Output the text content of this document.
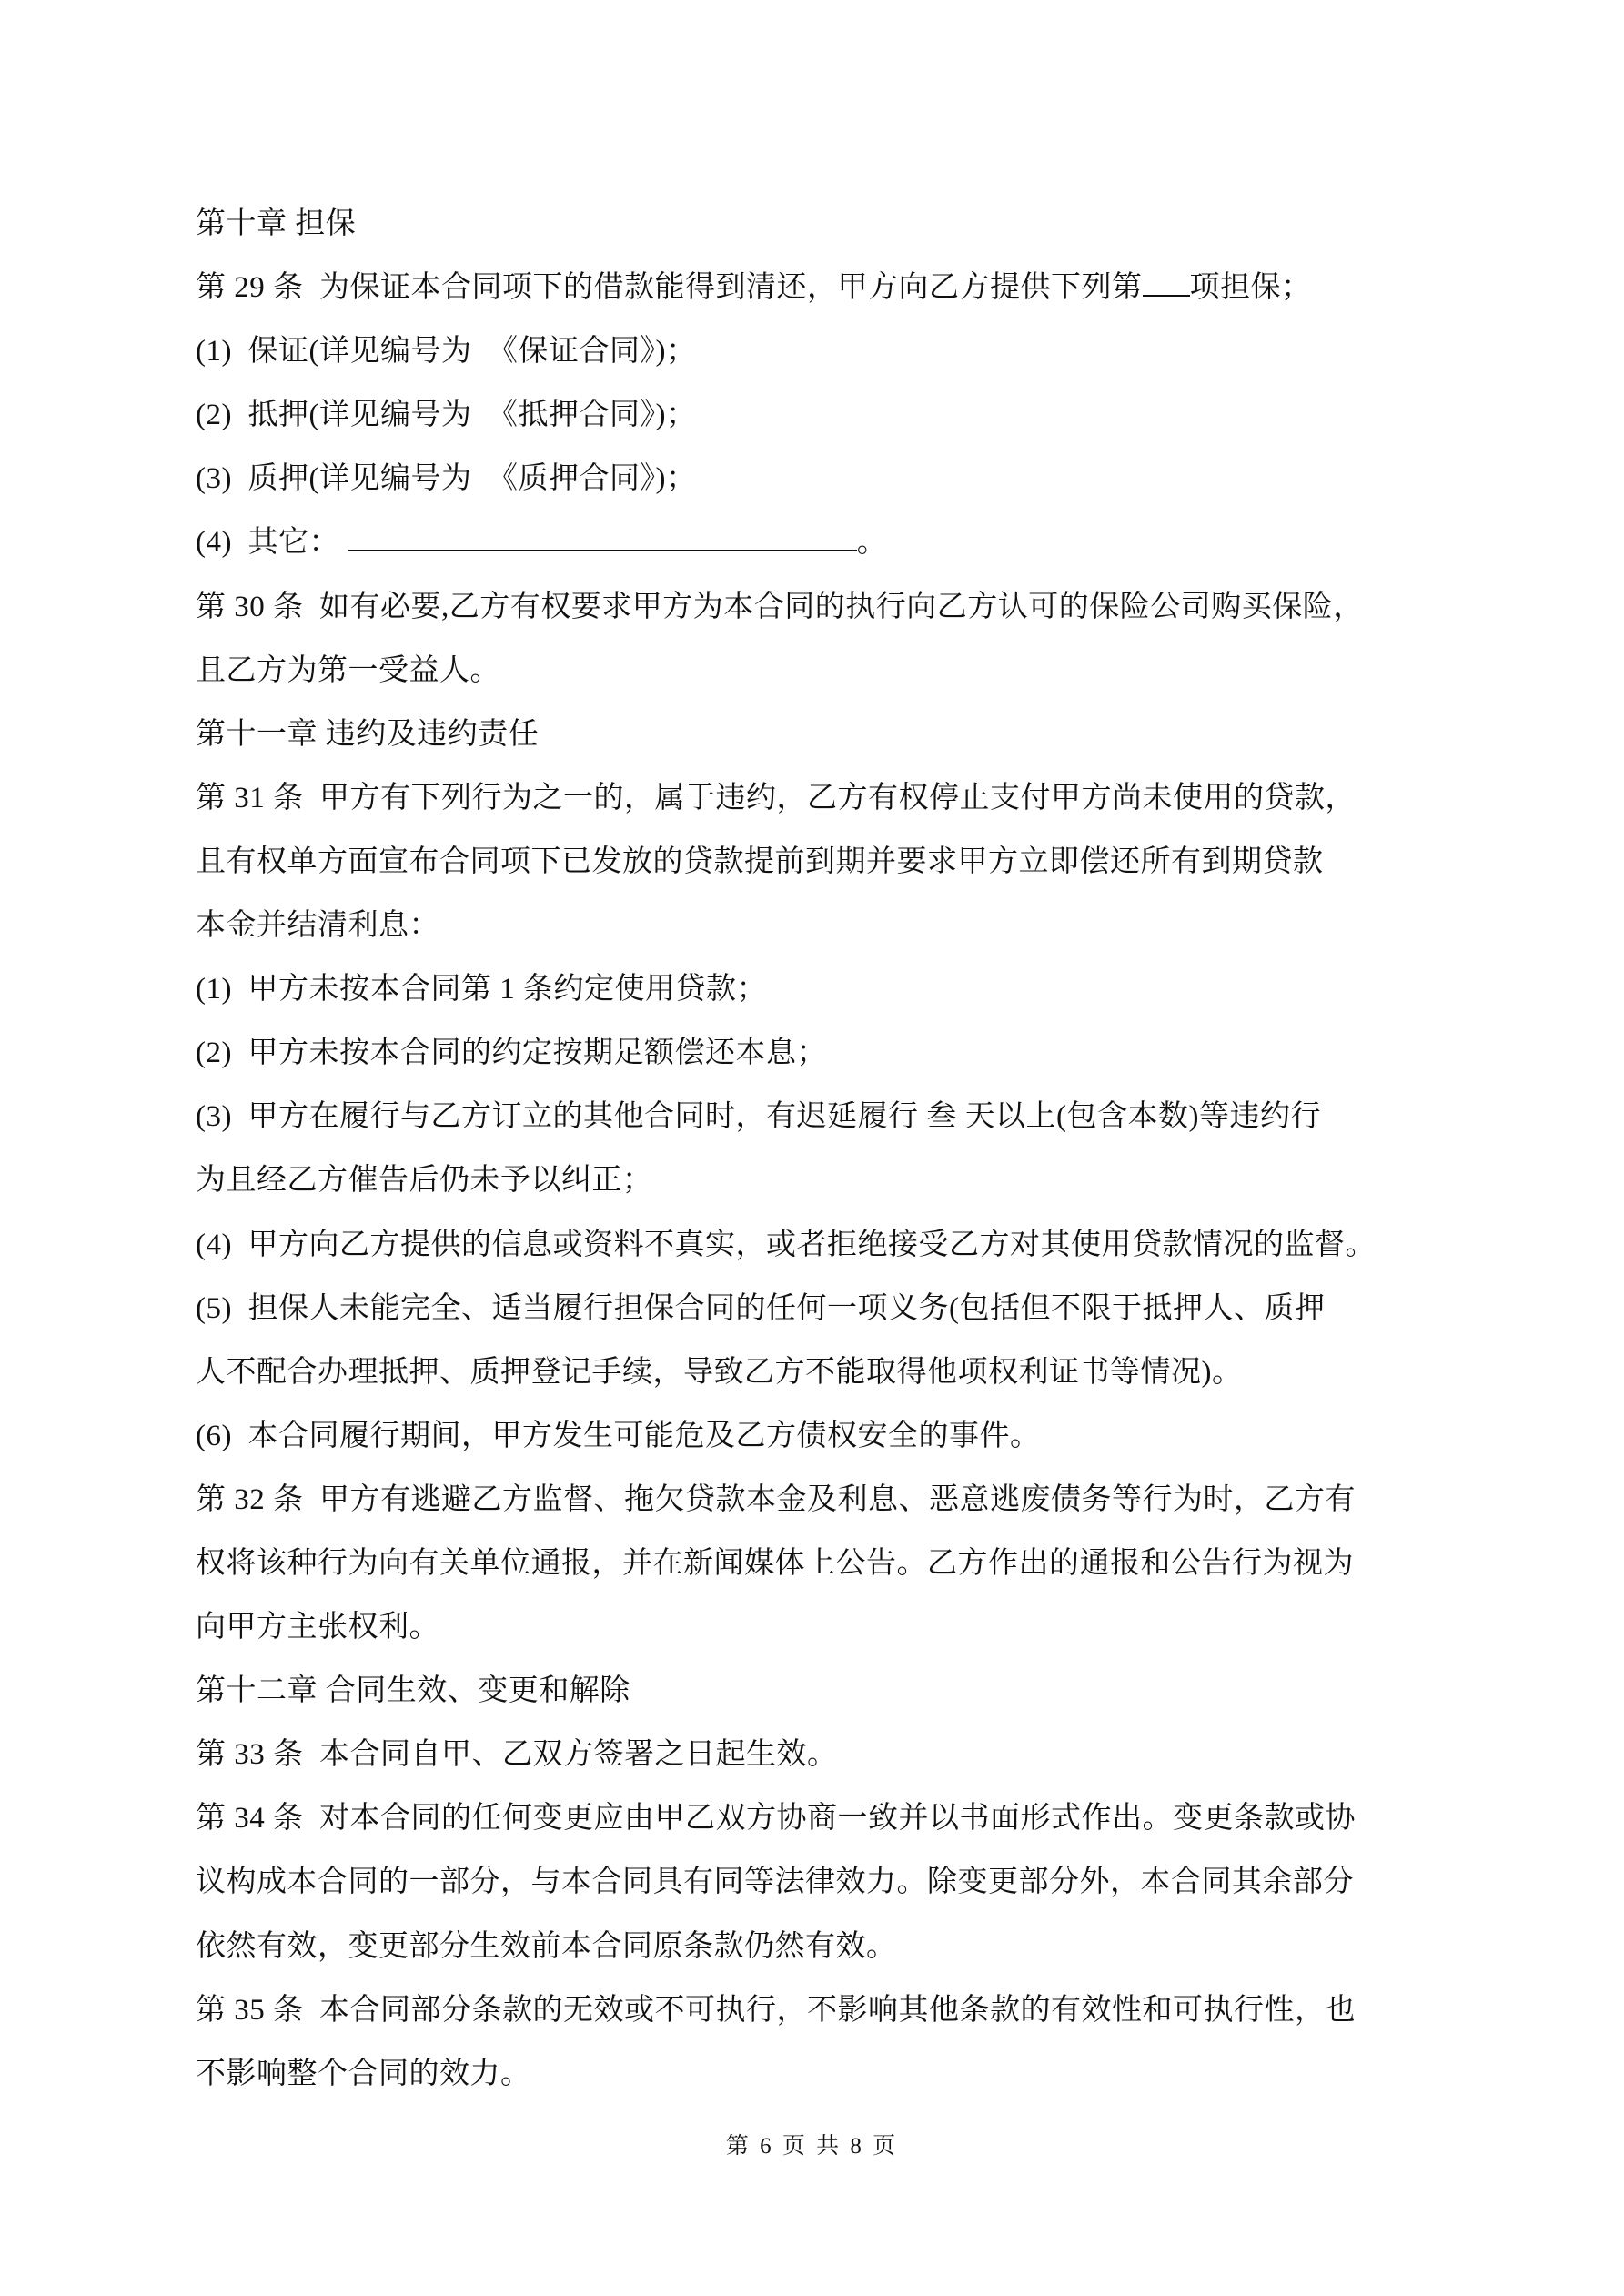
第十章 担保
第 29 条  为保证本合同项下的借款能得到清还，甲方向乙方提供下列第 项担保；
(1)  保证(详见编号为  《保证合同》)；
(2)  抵押(详见编号为  《抵押合同》)；
(3)  质押(详见编号为  《质押合同》)；
(4)  其它：	。
第 30 条  如有必要,乙方有权要求甲方为本合同的执行向乙方认可的保险公司购买保险，
且乙方为第一受益人。
第十一章 违约及违约责任
第 31 条  甲方有下列行为之一的，属于违约，乙方有权停止支付甲方尚未使用的贷款，
且有权单方面宣布合同项下已发放的贷款提前到期并要求甲方立即偿还所有到期贷款
本金并结清利息：
(1)  甲方未按本合同第 1 条约定使用贷款；
(2)  甲方未按本合同的约定按期足额偿还本息；
(3)  甲方在履行与乙方订立的其他合同时，有迟延履行 叁 天以上(包含本数)等违约行
为且经乙方催告后仍未予以纠正；
(4)  甲方向乙方提供的信息或资料不真实，或者拒绝接受乙方对其使用贷款情况的监督。
(5)  担保人未能完全、适当履行担保合同的任何一项义务(包括但不限于抵押人、质押
人不配合办理抵押、质押登记手续，导致乙方不能取得他项权利证书等情况)。
(6)  本合同履行期间，甲方发生可能危及乙方债权安全的事件。
第 32 条  甲方有逃避乙方监督、拖欠贷款本金及利息、恶意逃废债务等行为时，乙方有
权将该种行为向有关单位通报，并在新闻媒体上公告。乙方作出的通报和公告行为视为
向甲方主张权利。
第十二章 合同生效、变更和解除
第 33 条  本合同自甲、乙双方签署之日起生效。
第 34 条  对本合同的任何变更应由甲乙双方协商一致并以书面形式作出。变更条款或协
议构成本合同的一部分，与本合同具有同等法律效力。除变更部分外，本合同其余部分
依然有效，变更部分生效前本合同原条款仍然有效。
第 35 条  本合同部分条款的无效或不可执行，不影响其他条款的有效性和可执行性，也
不影响整个合同的效力。
第 6 页 共 8 页
